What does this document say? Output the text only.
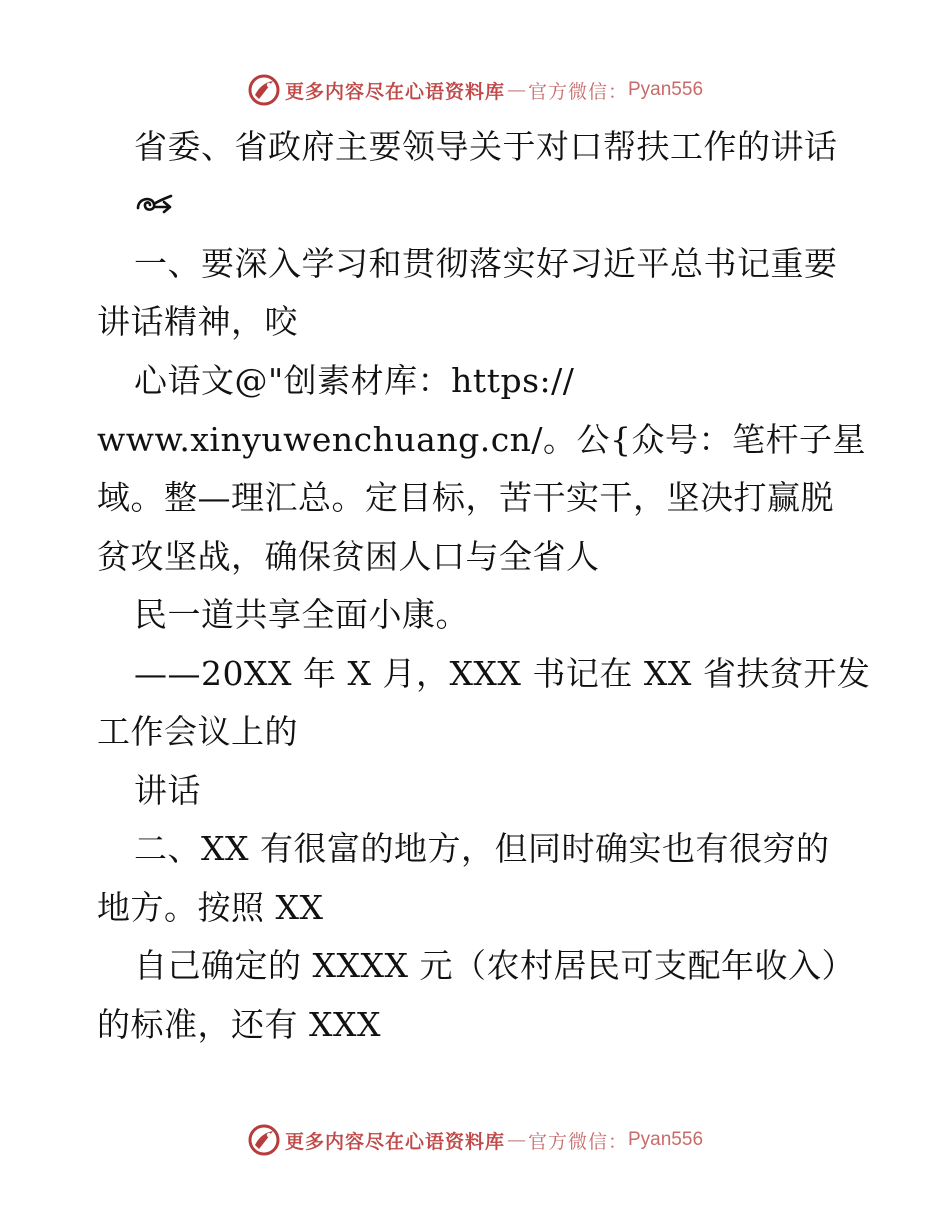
更多内容尽在心语资料库 — 官方微信： Pyan556
省委、省政府主要领导关于对口帮扶工作的讲话
一、要深入学习和贯彻落实好习近平总书记重要
讲话精神，咬
心语文@"创素材库：https://
www.xinyuwenchuang.cn/。公{众号：笔杆子星
域。整—理汇总。定目标，苦干实干，坚决打赢脱
贫攻坚战，确保贫困人口与全省人
民一道共享全面小康。
——20XX 年 X 月，XXX 书记在 XX 省扶贫开发
工作会议上的
讲话
二、XX 有很富的地方，但同时确实也有很穷的
地方。按照 XX
自己确定的 XXXX 元（农村居民可支配年收入）
的标准，还有 XXX
更多内容尽在心语资料库 — 官方微信： Pyan556
